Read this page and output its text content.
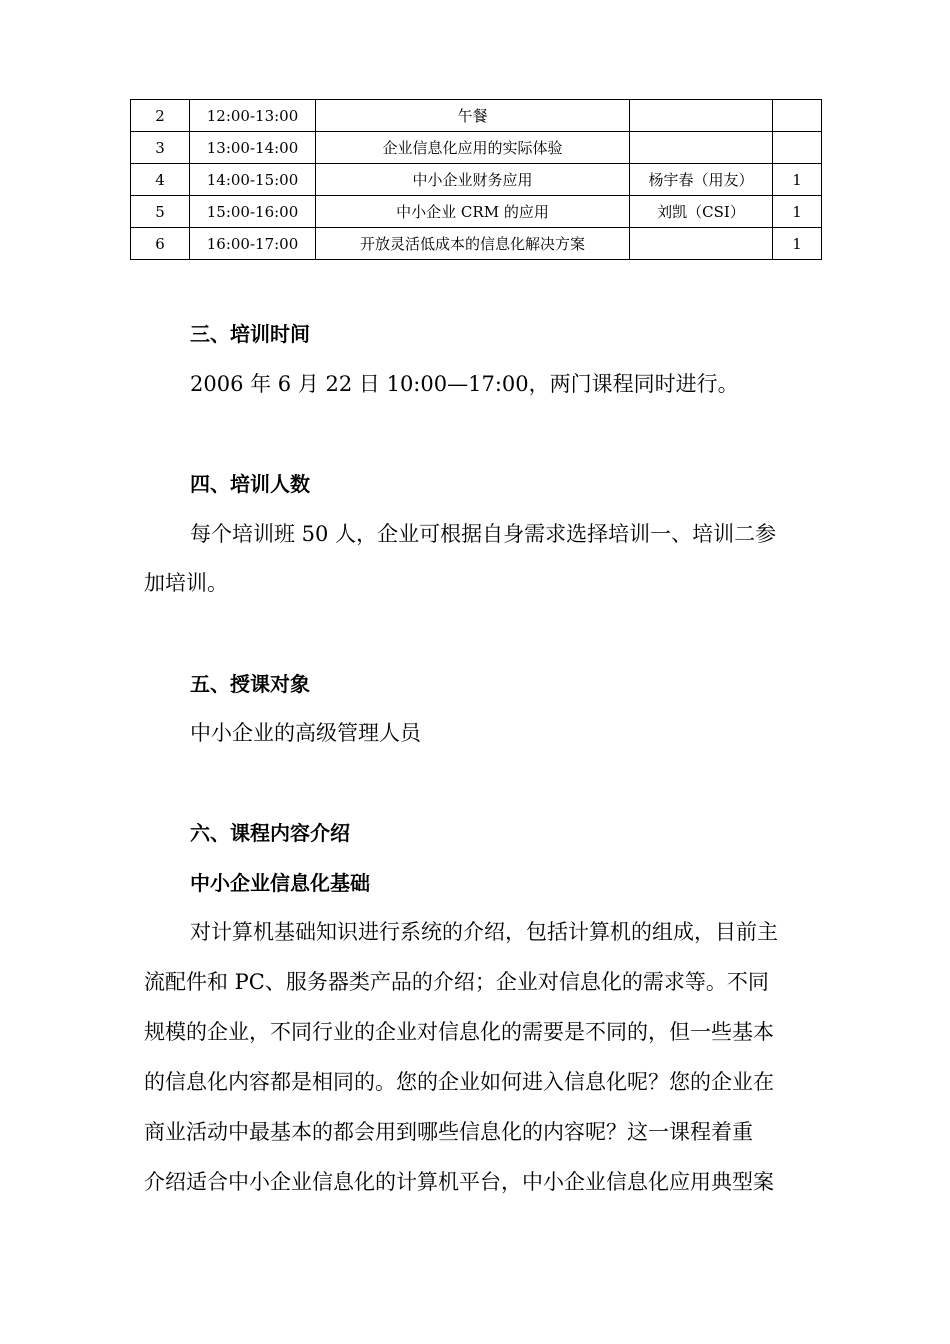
2	12:00-13:00	午餐		
3	13:00-14:00	企业信息化应用的实际体验		
4	14:00-15:00	中小企业财务应用	杨宇春（用友）	1
5	15:00-16:00	中小企业 CRM 的应用	刘凯（CSI）	1
6	16:00-17:00	开放灵活低成本的信息化解决方案		1
三、培训时间
2006 年 6 月 22 日 10:00—17:00，两门课程同时进行。
四、培训人数
每个培训班 50 人，企业可根据自身需求选择培训一、培训二参
加培训。
五、授课对象
中小企业的高级管理人员
六、课程内容介绍
中小企业信息化基础
对计算机基础知识进行系统的介绍，包括计算机的组成，目前主
流配件和 PC、服务器类产品的介绍；企业对信息化的需求等。不同
规模的企业，不同行业的企业对信息化的需要是不同的，但一些基本
的信息化内容都是相同的。您的企业如何进入信息化呢？您的企业在
商业活动中最基本的都会用到哪些信息化的内容呢？这一课程着重
介绍适合中小企业信息化的计算机平台，中小企业信息化应用典型案
